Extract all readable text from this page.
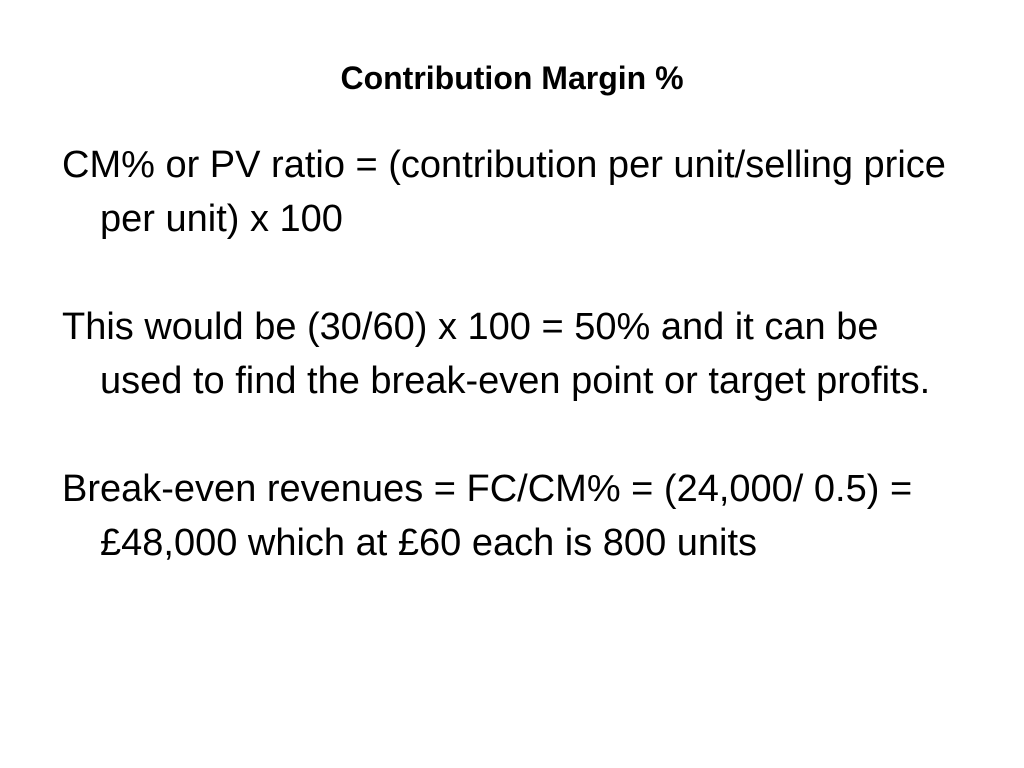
Contribution Margin %
CM% or PV ratio = (contribution per unit/selling price per unit) x 100
This would be (30/60) x 100 = 50% and it can be used to find the break-even point or target profits.
Break-even revenues = FC/CM% = (24,000/ 0.5) = £48,000 which at £60 each is 800 units
